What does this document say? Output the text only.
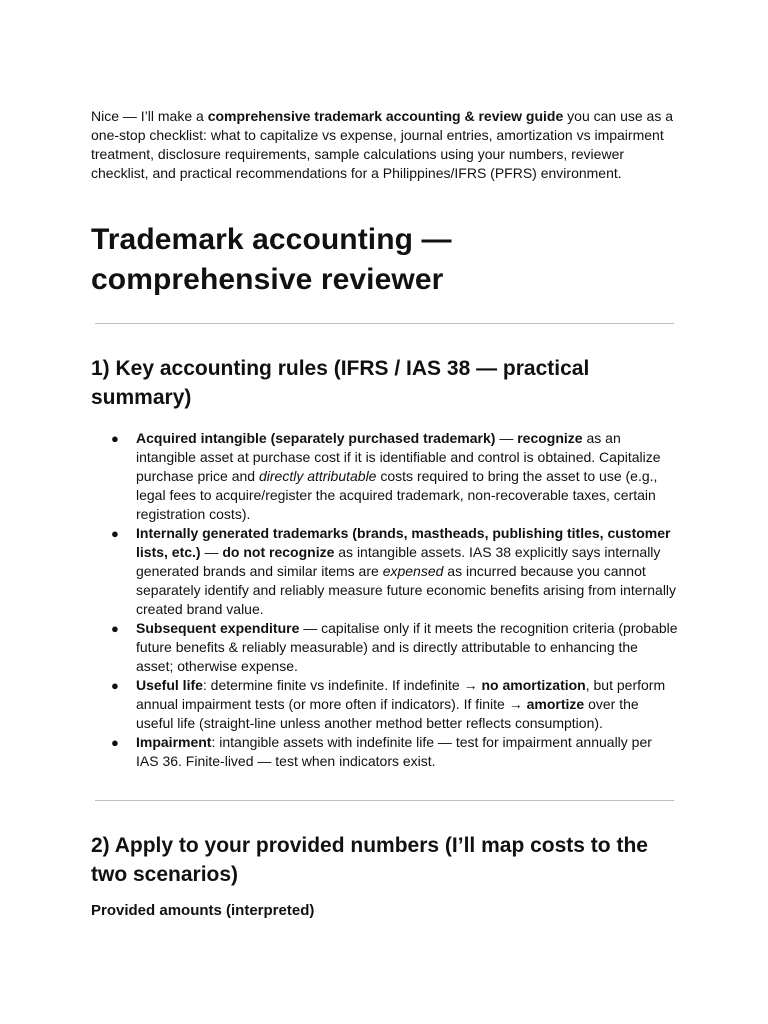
Nice — I’ll make a comprehensive trademark accounting & review guide you can use as a one-stop checklist: what to capitalize vs expense, journal entries, amortization vs impairment treatment, disclosure requirements, sample calculations using your numbers, reviewer checklist, and practical recommendations for a Philippines/IFRS (PFRS) environment.

Trademark accounting — comprehensive reviewer
1) Key accounting rules (IFRS / IAS 38 — practical summary)
● Acquired intangible (separately purchased trademark) — recognize as an intangible asset at purchase cost if it is identifiable and control is obtained. Capitalize purchase price and directly attributable costs required to bring the asset to use (e.g., legal fees to acquire/register the acquired trademark, non-recoverable taxes, certain registration costs).
● Internally generated trademarks (brands, mastheads, publishing titles, customer lists, etc.) — do not recognize as intangible assets. IAS 38 explicitly says internally generated brands and similar items are expensed as incurred because you cannot separately identify and reliably measure future economic benefits arising from internally created brand value.
● Subsequent expenditure — capitalise only if it meets the recognition criteria (probable future benefits & reliably measurable) and is directly attributable to enhancing the asset; otherwise expense.
● Useful life: determine finite vs indefinite. If indefinite → no amortization, but perform annual impairment tests (or more often if indicators). If finite → amortize over the useful life (straight-line unless another method better reflects consumption).
● Impairment: intangible assets with indefinite life — test for impairment annually per IAS 36. Finite-lived — test when indicators exist.
2) Apply to your provided numbers (I’ll map costs to the two scenarios)
Provided amounts (interpreted)
